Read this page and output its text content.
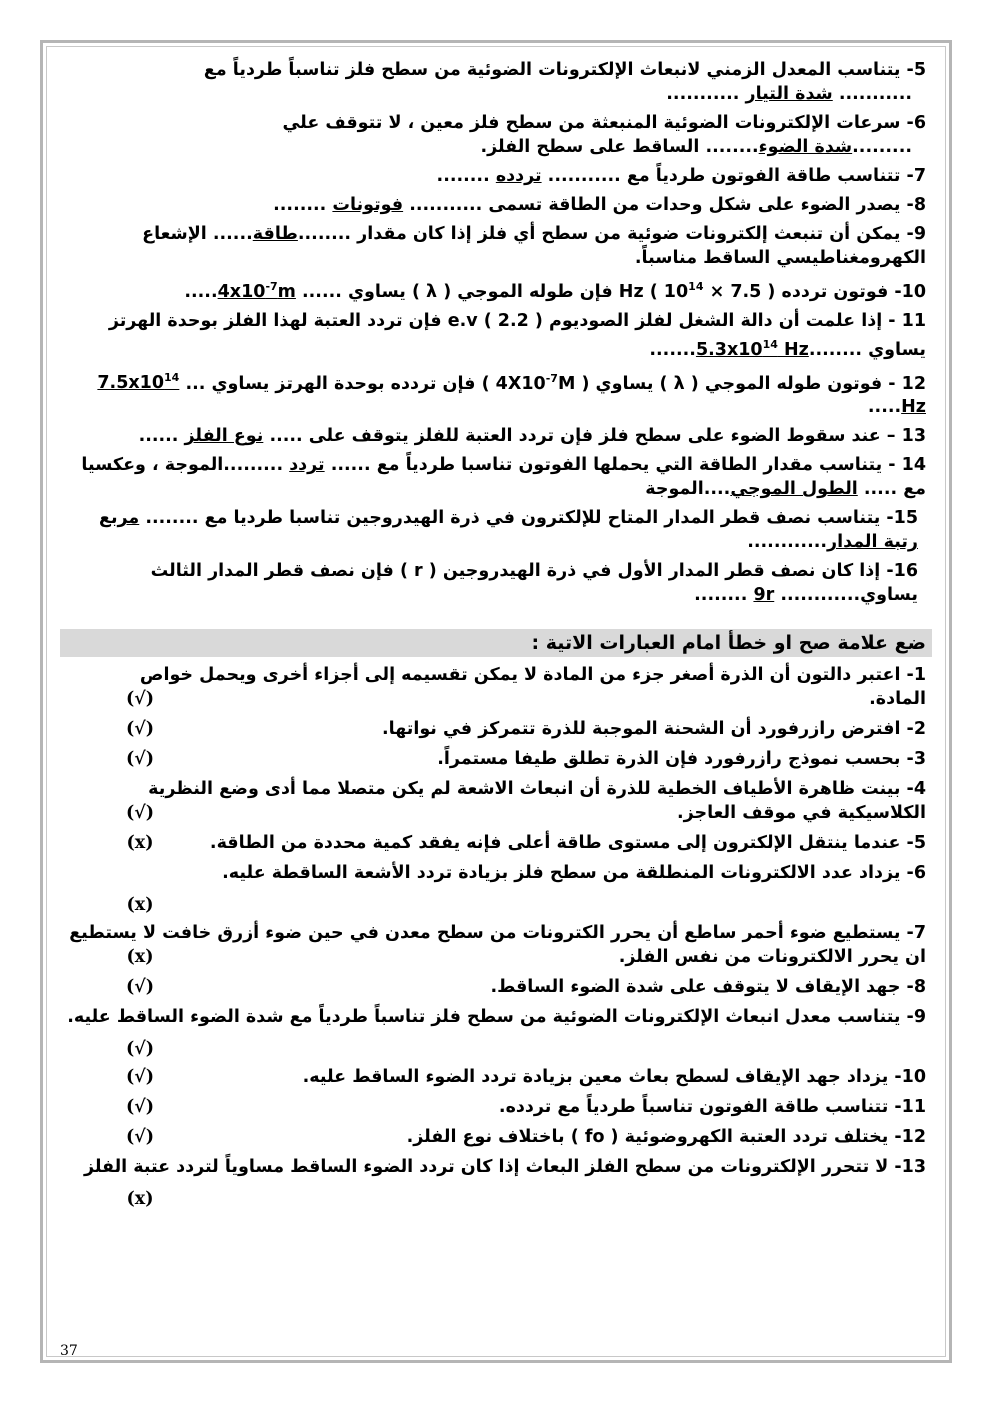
5- يتناسب المعدل الزمني لانبعاث الإلكترونات الضوئية من سطح فلز تناسباً طردياً مع
........... شدة التيار ...........
6- سرعات الإلكترونات الضوئية المنبعثة من سطح فلز معين ، لا تتوقف علي
.........شدة الضوء........ الساقط على سطح الفلز.
7- تتناسب طاقة الفوتون طردياً مع ........... تردده ........
8- يصدر الضوء على شكل وحدات من الطاقة تسمى ........... فوتونات ........
9- يمكن أن تنبعث إلكترونات ضوئية من سطح أي فلز إذا كان مقدار ........طاقة...... الإشعاع الكهرومغناطيسي الساقط مناسباً.
10- فوتون تردده Hz ( $10^{14} \times 7.5$ ) فإن طوله الموجي ( λ ) يساوي ...... $4x10^{-7}m$.....
11 - إذا علمت أن دالة الشغل لفلز الصوديوم e.v ( 2.2 ) فإن تردد العتبة لهذا الفلز بوحدة الهرتز يساوي $........5.3x10^{14}$ Hz.......
12 - فوتون طوله الموجي ( λ ) يساوي ( $4X10^{-7}M$ ) فإن تردده بوحدة الهرتز يساوي ... $7.5x10^{14}$ Hz.....
13 – عند سقوط الضوء على سطح فلز فإن تردد العتبة للفلز يتوقف على ..... نوع الفلز ......
14 - يتناسب مقدار الطاقة التي يحملها الفوتون تناسبا طردياً مع ...... تردد .........الموجة ، وعكسيا مع ..... الطول الموجي....الموجة
15- يتناسب نصف قطر المدار المتاح للإلكترون في ذرة الهيدروجين تناسبا طرديا مع ........ مربع رتبة المدار............
16- إذا كان نصف قطر المدار الأول في ذرة الهيدروجين ( r ) فإن نصف قطر المدار الثالث يساوي............ 9r ........
ضع علامة صح او خطأ امام العبارات الاتية :
1- اعتبر دالتون أن الذرة أصغر جزء من المادة لا يمكن تقسيمه إلى أجزاء أخرى ويحمل خواص المادة.
(√)
2- افترض رازرفورد أن الشحنة الموجبة للذرة تتمركز في نواتها.
(√)
3- بحسب نموذج رازرفورد فإن الذرة تطلق طيفا مستمراً.
(√)
4- بينت ظاهرة الأطياف الخطية للذرة أن انبعاث الاشعة لم يكن متصلا مما أدى وضع النظرية الكلاسيكية في موقف العاجز.
(√)
5- عندما ينتقل الإلكترون إلى مستوى طاقة أعلى فإنه يفقد كمية محددة من الطاقة.
(x)
6- يزداد عدد الالكترونات المنطلقة من سطح فلز بزيادة تردد الأشعة الساقطة عليه.
(x)
7- يستطيع ضوء أحمر ساطع أن يحرر الكترونات من سطح معدن في حين ضوء أزرق خافت لا يستطيع ان يحرر الالكترونات من نفس الفلز.
(x)
8- جهد الإيقاف لا يتوقف على شدة الضوء الساقط.
(√)
9- يتناسب معدل انبعاث الإلكترونات الضوئية من سطح فلز تناسباً طردياً مع شدة الضوء الساقط عليه.
(√)
10- يزداد جهد الإيقاف لسطح بعاث معين بزيادة تردد الضوء الساقط عليه.
(√)
11- تتناسب طاقة الفوتون تناسباً طردياً مع تردده.
(√)
12- يختلف تردد العتبة الكهروضوئية ( fo ) باختلاف نوع الفلز.
(√)
13- لا تتحرر الإلكترونات من سطح الفلز البعاث إذا كان تردد الضوء الساقط مساوياً لتردد عتبة الفلز
(x)
37
